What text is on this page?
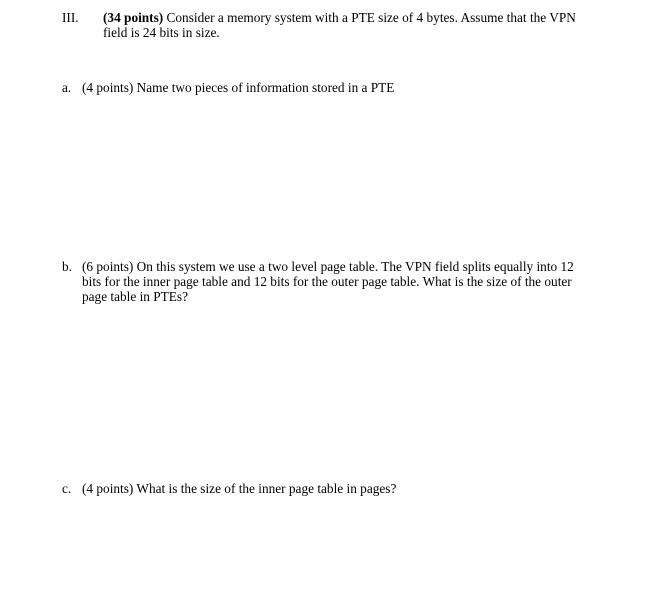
III. (34 points) Consider a memory system with a PTE size of 4 bytes. Assume that the VPN field is 24 bits in size.
a. (4 points) Name two pieces of information stored in a PTE
b. (6 points) On this system we use a two level page table. The VPN field splits equally into 12 bits for the inner page table and 12 bits for the outer page table. What is the size of the outer page table in PTEs?
c. (4 points) What is the size of the inner page table in pages?
